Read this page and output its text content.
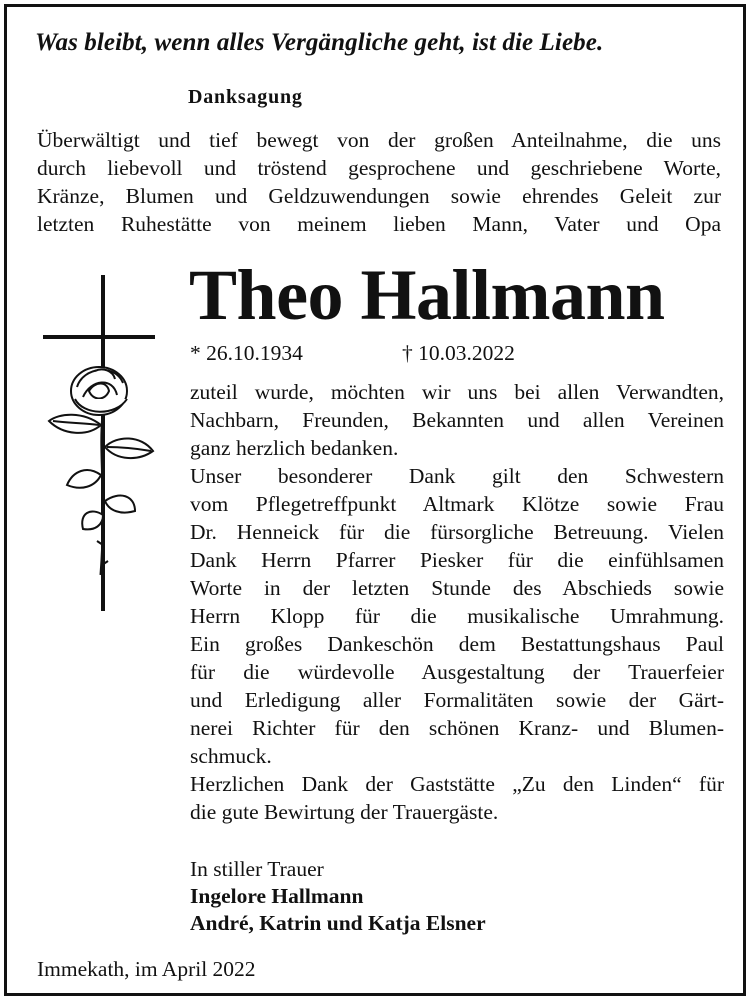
Was bleibt, wenn alles Vergängliche geht, ist die Liebe.
Danksagung
Überwältigt und tief bewegt von der großen Anteilnahme, die uns
durch liebevoll und tröstend gesprochene und geschriebene Worte,
Kränze, Blumen und Geldzuwendungen sowie ehrendes Geleit zur
letzten Ruhestätte von meinem lieben Mann, Vater und Opa
Theo Hallmann
* 26.10.1934	† 10.03.2022
zuteil wurde, möchten wir uns bei allen Verwandten,
Nachbarn, Freunden, Bekannten und allen Vereinen
ganz herzlich bedanken.
Unser besonderer Dank gilt den Schwestern
vom Pflegetreffpunkt Altmark Klötze sowie Frau
Dr. Henneick für die fürsorgliche Betreuung. Vielen
Dank Herrn Pfarrer Piesker für die einfühlsamen
Worte in der letzten Stunde des Abschieds sowie
Herrn Klopp für die musikalische Umrahmung.
Ein großes Dankeschön dem Bestattungshaus Paul
für die würdevolle Ausgestaltung der Trauerfeier
und Erledigung aller Formalitäten sowie der Gärt-
nerei Richter für den schönen Kranz- und Blumen-
schmuck.
Herzlichen Dank der Gaststätte „Zu den Linden“ für
die gute Bewirtung der Trauergäste.
In stiller Trauer
Ingelore Hallmann
André, Katrin und Katja Elsner
Immekath, im April 2022
